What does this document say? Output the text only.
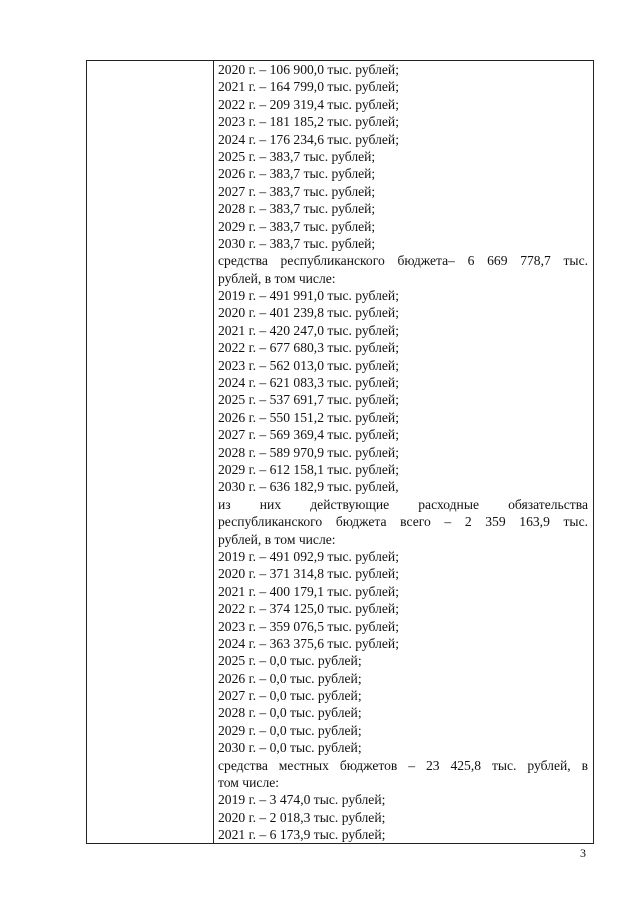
2020 г. – 106 900,0 тыс. рублей;
2021 г. – 164 799,0 тыс. рублей;
2022 г. – 209 319,4 тыс. рублей;
2023 г. – 181 185,2 тыс. рублей;
2024 г. – 176 234,6 тыс. рублей;
2025 г. – 383,7 тыс. рублей;
2026 г. – 383,7 тыс. рублей;
2027 г. – 383,7 тыс. рублей;
2028 г. – 383,7 тыс. рублей;
2029 г. – 383,7 тыс. рублей;
2030 г. – 383,7 тыс. рублей;
средства республиканского бюджета– 6 669 778,7 тыс.
рублей, в том числе:
2019 г. – 491 991,0 тыс. рублей;
2020 г. – 401 239,8 тыс. рублей;
2021 г. – 420 247,0 тыс. рублей;
2022 г. – 677 680,3 тыс. рублей;
2023 г. – 562 013,0 тыс. рублей;
2024 г. – 621 083,3 тыс. рублей;
2025 г. – 537 691,7 тыс. рублей;
2026 г. – 550 151,2 тыс. рублей;
2027 г. – 569 369,4 тыс. рублей;
2028 г. – 589 970,9 тыс. рублей;
2029 г. – 612 158,1 тыс. рублей;
2030 г. – 636 182,9 тыс. рублей,
из них действующие расходные обязательства
республиканского бюджета всего – 2 359 163,9 тыс.
рублей, в том числе:
2019 г. – 491 092,9 тыс. рублей;
2020 г. – 371 314,8 тыс. рублей;
2021 г. – 400 179,1 тыс. рублей;
2022 г. – 374 125,0 тыс. рублей;
2023 г. – 359 076,5 тыс. рублей;
2024 г. – 363 375,6 тыс. рублей;
2025 г. – 0,0 тыс. рублей;
2026 г. – 0,0 тыс. рублей;
2027 г. – 0,0 тыс. рублей;
2028 г. – 0,0 тыс. рублей;
2029 г. – 0,0 тыс. рублей;
2030 г. – 0,0 тыс. рублей;
средства местных бюджетов – 23 425,8 тыс. рублей, в
том числе:
2019 г. – 3 474,0 тыс. рублей;
2020 г. – 2 018,3 тыс. рублей;
2021 г. – 6 173,9 тыс. рублей;
3
